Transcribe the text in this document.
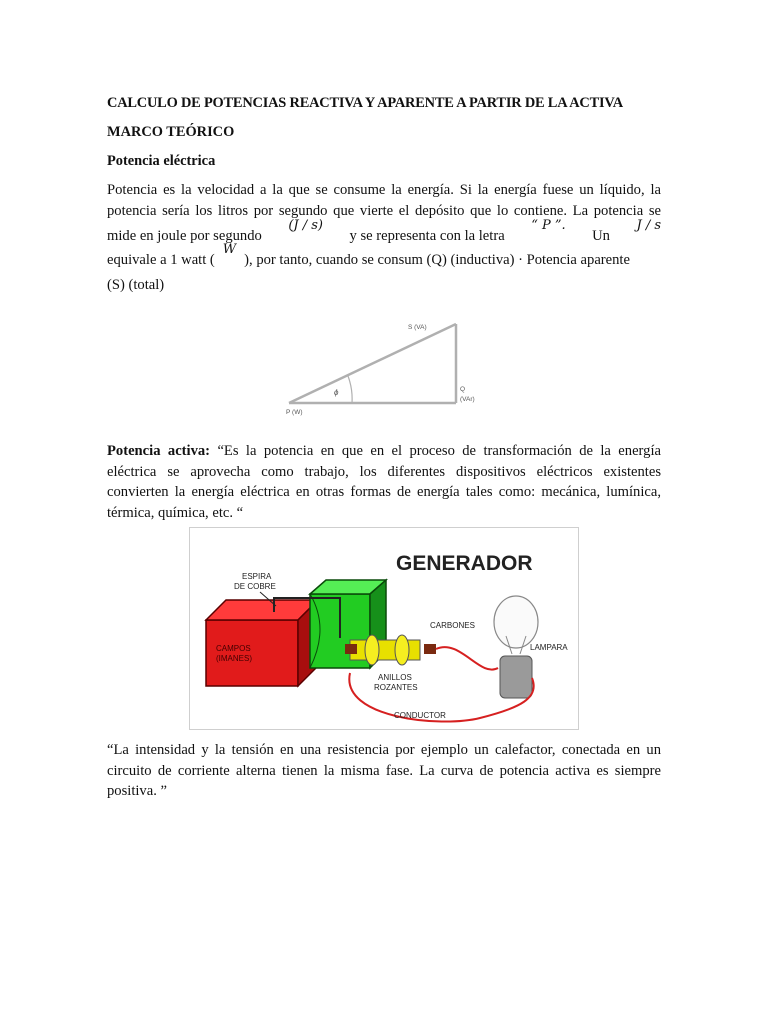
CALCULO DE POTENCIAS REACTIVA Y APARENTE A PARTIR DE LA ACTIVA
MARCO TEÓRICO
Potencia eléctrica
Potencia es la velocidad a la que se consume la energía. Si la energía fuese un líquido, la
potencia sería los litros por segundo que vierte el depósito que lo contiene. La potencia se
mide en joule por segundo
(J / s)
y se representa con la letra
“ P ”.
Un
J / s
equivale a 1 watt (
W
), por tanto, cuando se consum (Q) (inductiva) · Potencia aparente
(S) (total)
ϕ
S (VA)
Q
(VAr)
P (W)
Potencia activa: “Es la potencia en que en el proceso de transformación de la energía
eléctrica se aprovecha como trabajo, los diferentes dispositivos eléctricos existentes
convierten la energía eléctrica en otras formas de energía tales como: mecánica, lumínica,
térmica, química, etc. “
GENERADOR
CAMPOS
(IMANES)
ESPIRA
DE COBRE
ANILLOS
ROZANTES
CARBONES
LAMPARA
CONDUCTOR
“La intensidad y la tensión en una resistencia por ejemplo un calefactor, conectada en un
circuito de corriente alterna tienen la misma fase. La curva de potencia activa es siempre
positiva. ”
